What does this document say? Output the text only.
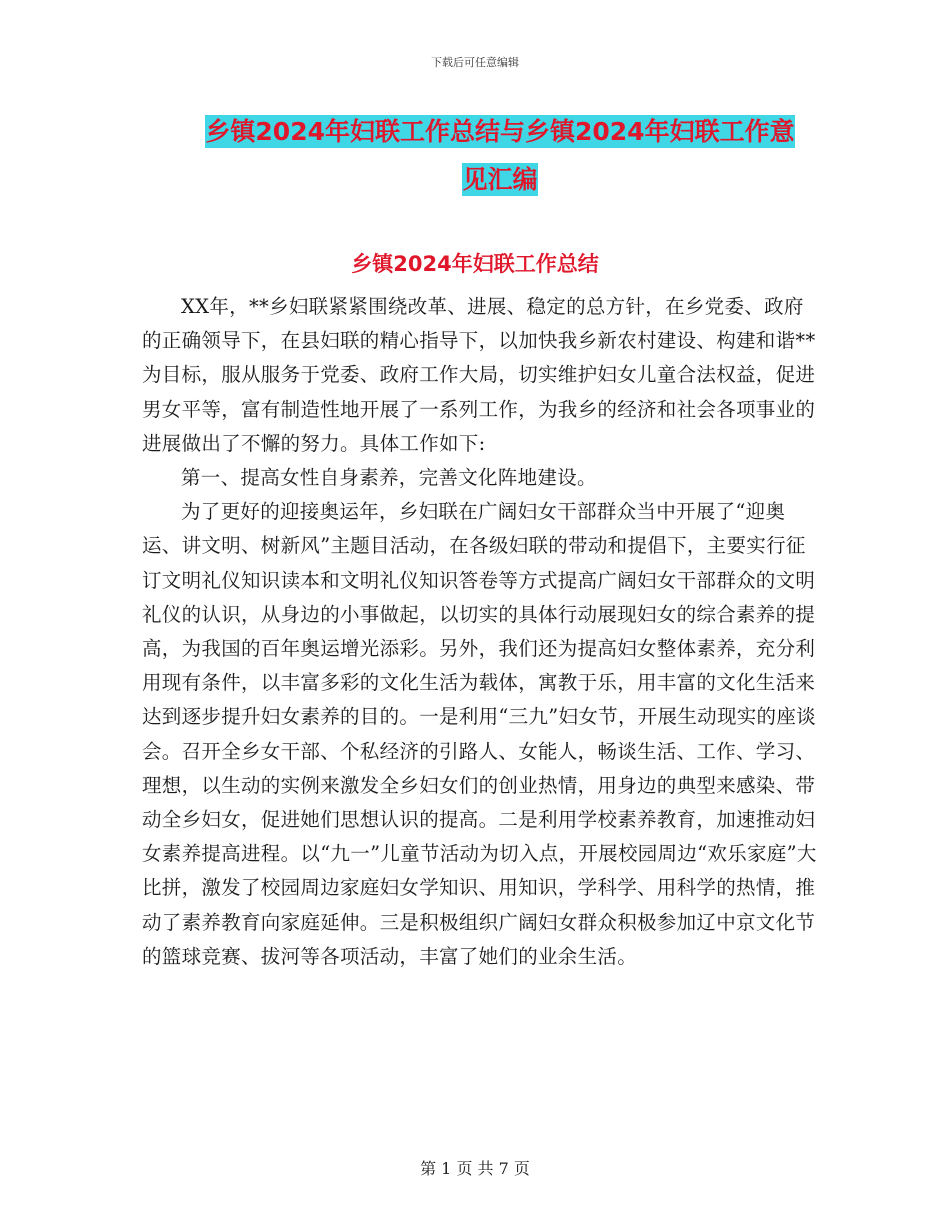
下载后可任意编辑
乡镇2024年妇联工作总结与乡镇2024年妇联工作意
见汇编
乡镇2024年妇联工作总结

XX年，**乡妇联紧紧围绕改革、进展、稳定的总方针，在乡党委、政府的正确领导下，在县妇联的精心指导下，以加快我乡新农村建设、构建和谐**为目标，服从服务于党委、政府工作大局，切实维护妇女儿童合法权益，促进男女平等，富有制造性地开展了一系列工作，为我乡的经济和社会各项事业的进展做出了不懈的努力。具体工作如下:

第一、提高女性自身素养，完善文化阵地建设。

为了更好的迎接奥运年，乡妇联在广阔妇女干部群众当中开展了“迎奥运、讲文明、树新风”主题目活动，在各级妇联的带动和提倡下，主要实行征订文明礼仪知识读本和文明礼仪知识答卷等方式提高广阔妇女干部群众的文明礼仪的认识，从身边的小事做起，以切实的具体行动展现妇女的综合素养的提高，为我国的百年奥运增光添彩。另外，我们还为提高妇女整体素养，充分利用现有条件，以丰富多彩的文化生活为载体，寓教于乐，用丰富的文化生活来达到逐步提升妇女素养的目的。一是利用“三九”妇女节，开展生动现实的座谈会。召开全乡女干部、个私经济的引路人、女能人，畅谈生活、工作、学习、理想，以生动的实例来激发全乡妇女们的创业热情，用身边的典型来感染、带动全乡妇女，促进她们思想认识的提高。二是利用学校素养教育，加速推动妇女素养提高进程。以“九一”儿童节活动为切入点，开展校园周边“欢乐家庭”大比拼，激发了校园周边家庭妇女学知识、用知识，学科学、用科学的热情，推动了素养教育向家庭延伸。三是积极组织广阔妇女群众积极参加辽中京文化节的篮球竞赛、拔河等各项活动，丰富了她们的业余生活。

第 1 页 共 7 页
